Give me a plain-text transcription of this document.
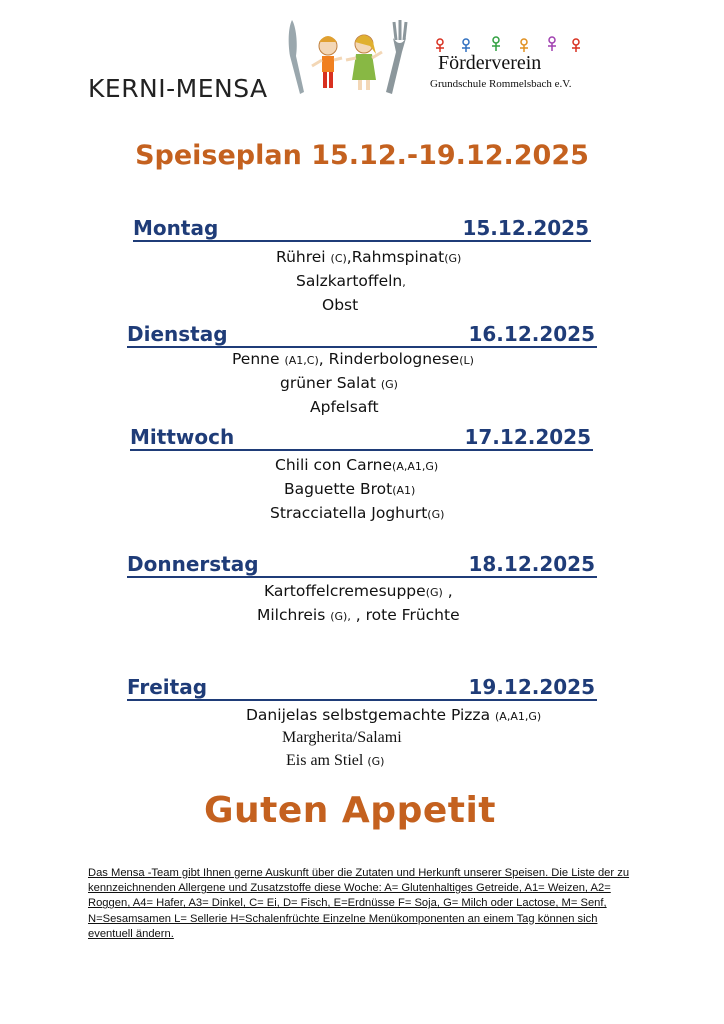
KERNI-MENSA
Förderverein
Grundschule Rommelsbach e.V.
Speiseplan 15.12.-19.12.2025
Montag	15.12.2025
Rührei (C),Rahmspinat(G)
Salzkartoffeln,
Obst
Dienstag	16.12.2025
Penne (A1,C), Rinderbolognese(L)
grüner Salat (G)
Apfelsaft
Mittwoch	17.12.2025
Chili con Carne(A,A1,G)
Baguette Brot(A1)
Stracciatella Joghurt(G)
Donnerstag	18.12.2025
Kartoffelcremesuppe(G) ,
Milchreis (G), , rote Früchte
Freitag	19.12.2025
Danijelas selbstgemachte Pizza (A,A1,G)
Margherita/Salami
Eis am Stiel (G)
Guten Appetit
Das Mensa -Team gibt Ihnen gerne Auskunft über die Zutaten und Herkunft unserer Speisen. Die Liste der zu kennzeichnenden Allergene und Zusatzstoffe diese Woche: A= Glutenhaltiges Getreide, A1= Weizen, A2= Roggen, A4= Hafer, A3= Dinkel, C= Ei, D= Fisch, E=Erdnüsse F= Soja, G= Milch oder Lactose, M= Senf, N=Sesamsamen L= Sellerie H=Schalenfrüchte Einzelne Menükomponenten an einem Tag können sich eventuell ändern.
